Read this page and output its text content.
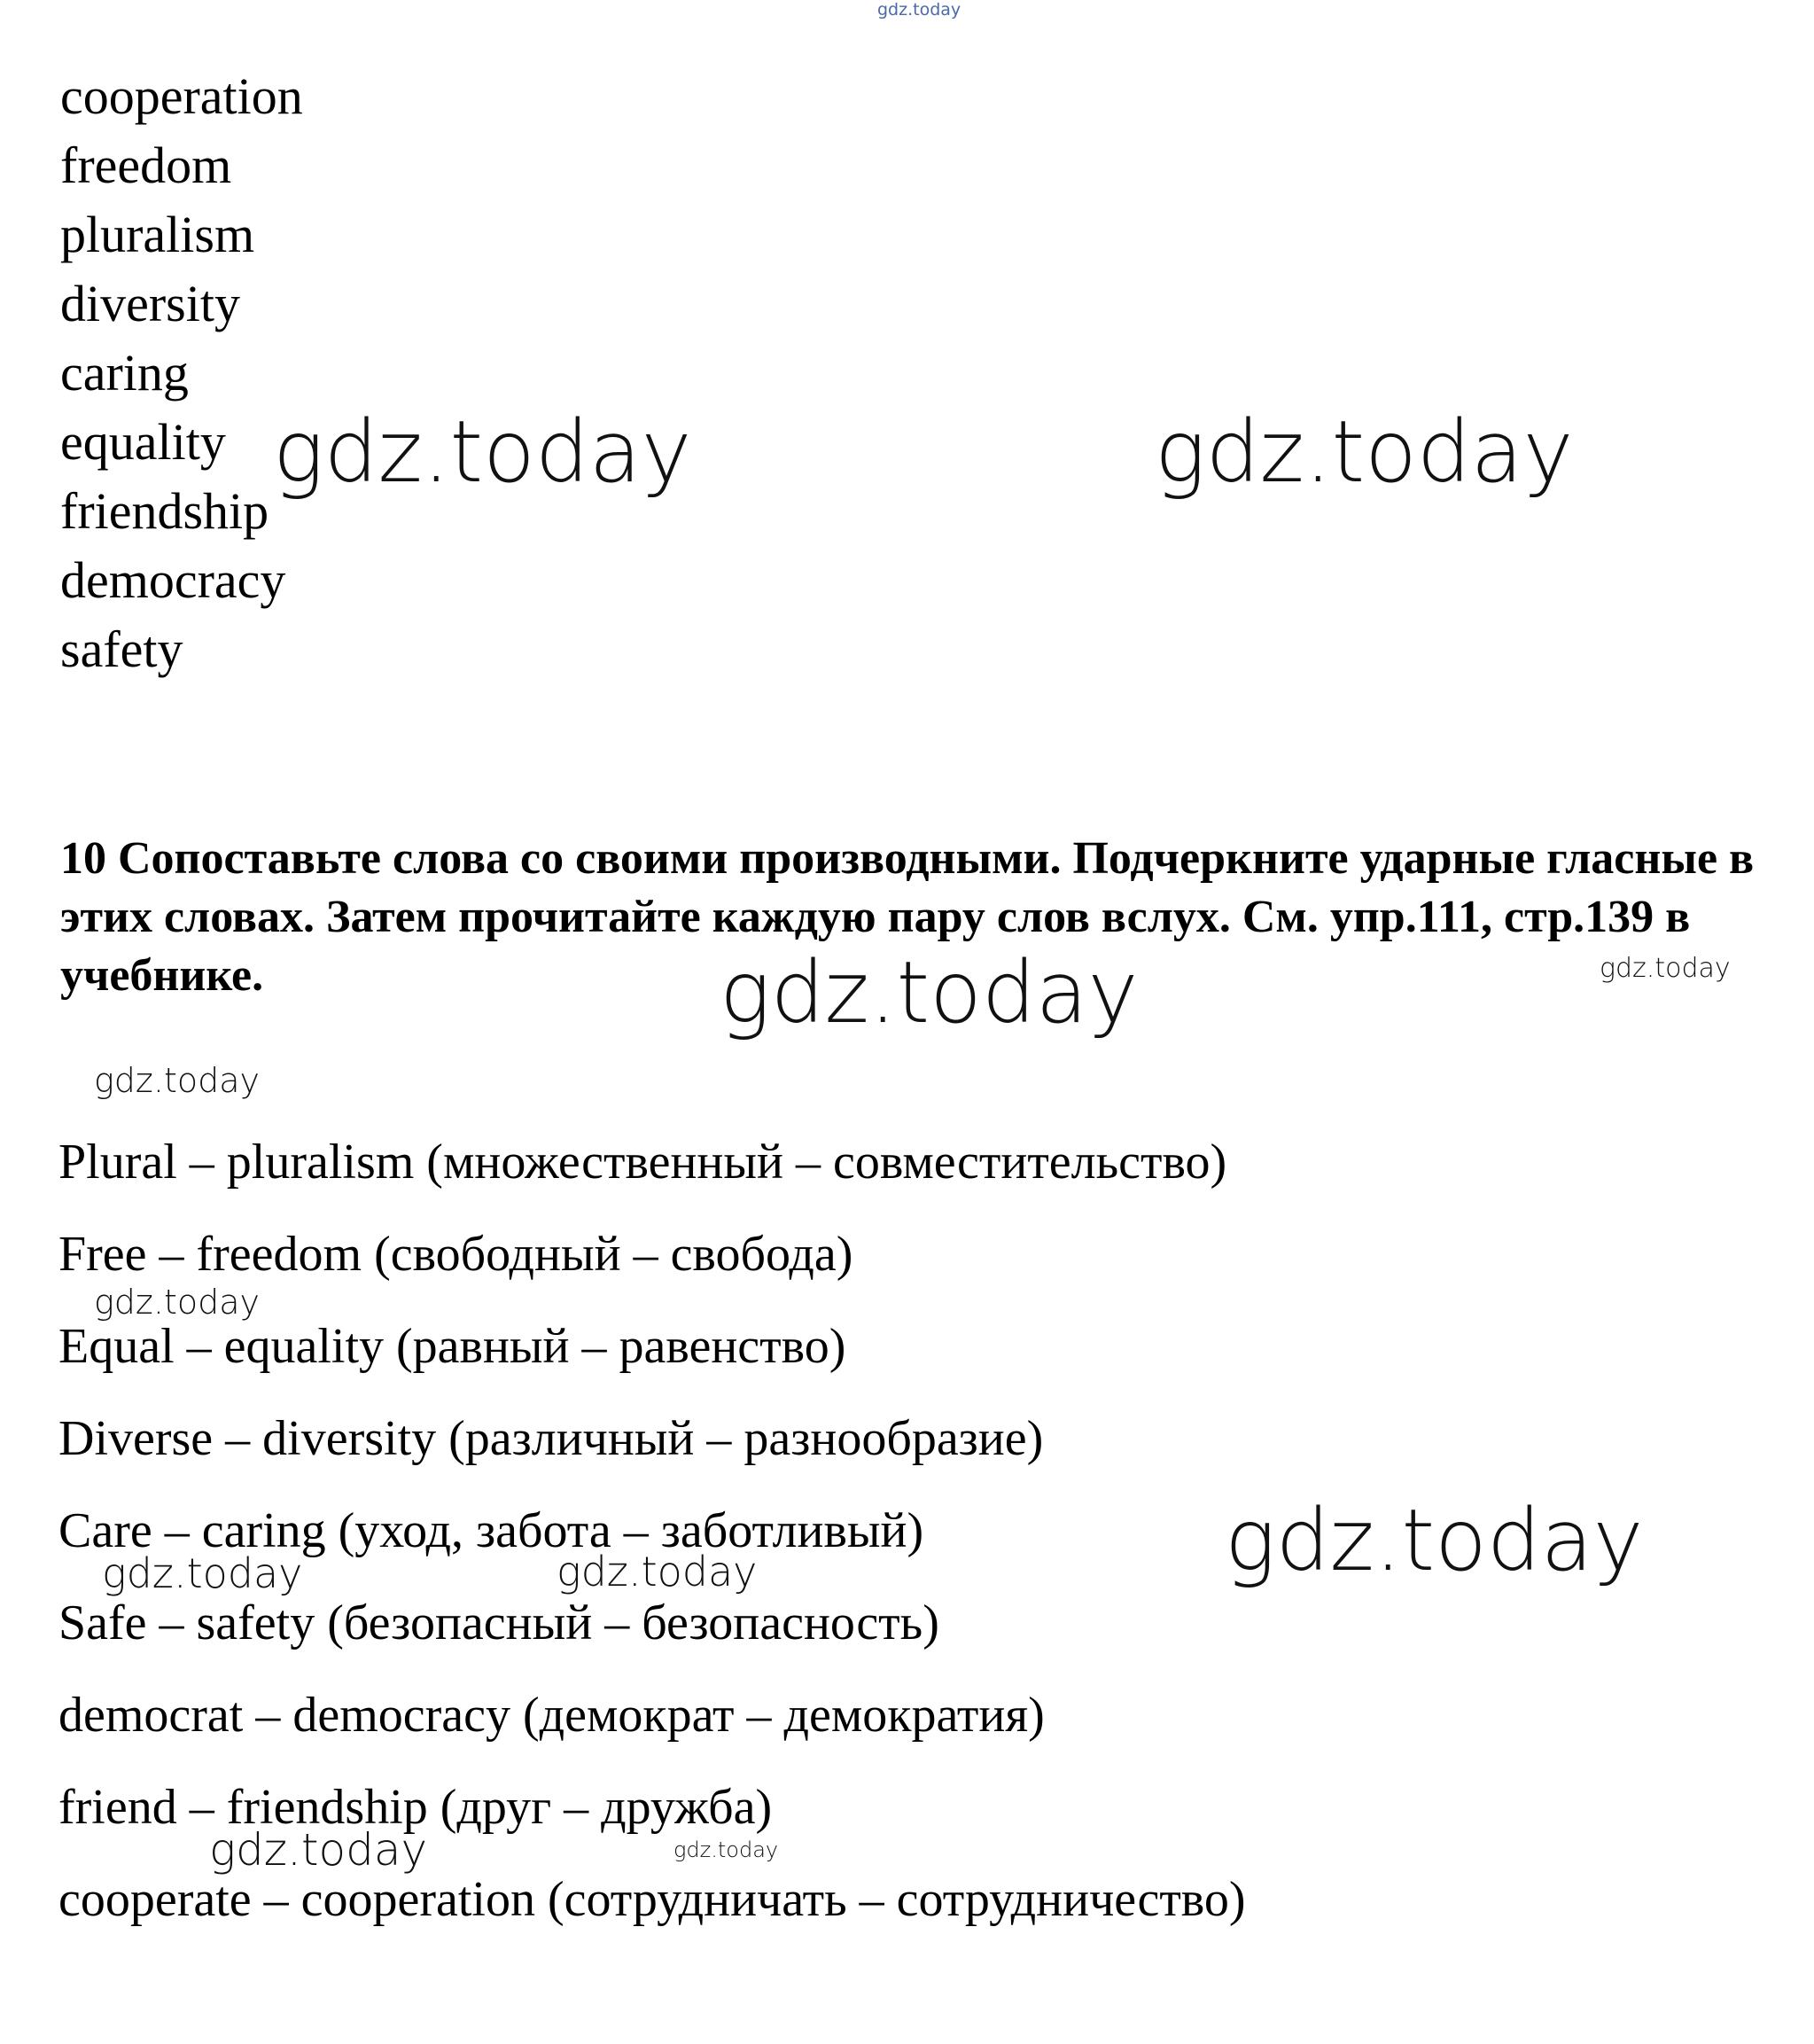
gdz.today
cooperation
freedom
pluralism
diversity
caring
equality
friendship
democracy
safety
10 Сопоставьте слова со своими производными. Подчеркните ударные гласные в этих словах. Затем прочитайте каждую пару слов вслух. См. упр.111, стр.139 в учебнике.
Plural – pluralism (множественный – совместительство)
Free – freedom (свободный – свобода)
Equal – equality (равный – равенство)
Diverse – diversity (различный – разнообразие)
Care – caring (уход, забота – заботливый)
Safe – safety (безопасный – безопасность)
democrat – democracy (демократ – демократия)
friend – friendship (друг – дружба)
cooperate – cooperation (сотрудничать – сотрудничество)
gdz.today	gdz.today
gdz.today	gdz.today
gdz.today
gdz.today
gdz.today
gdz.today	gdz.today
gdz.today	gdz.today
